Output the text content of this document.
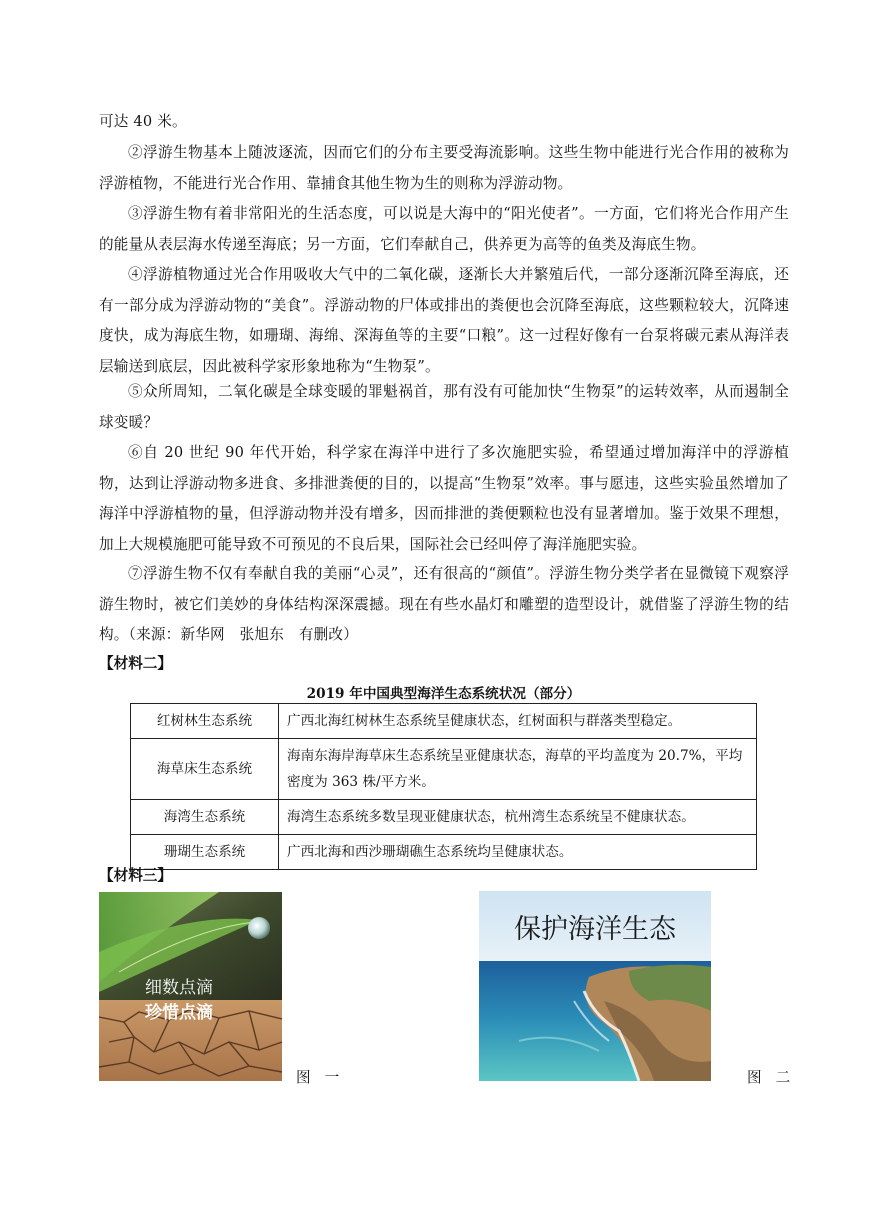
可达 40 米。

②浮游生物基本上随波逐流，因而它们的分布主要受海流影响。这些生物中能进行光合作用的被称为浮游植物，不能进行光合作用、靠捕食其他生物为生的则称为浮游动物。

③浮游生物有着非常阳光的生活态度，可以说是大海中的“阳光使者”。一方面，它们将光合作用产生的能量从表层海水传递至海底；另一方面，它们奉献自己，供养更为高等的鱼类及海底生物。

④浮游植物通过光合作用吸收大气中的二氧化碳，逐渐长大并繁殖后代，一部分逐渐沉降至海底，还有一部分成为浮游动物的“美食”。浮游动物的尸体或排出的粪便也会沉降至海底，这些颗粒较大，沉降速度快，成为海底生物，如珊瑚、海绵、深海鱼等的主要“口粮”。这一过程好像有一台泵将碳元素从海洋表层输送到底层，因此被科学家形象地称为“生物泵”。

⑤众所周知，二氧化碳是全球变暖的罪魁祸首，那有没有可能加快“生物泵”的运转效率，从而遏制全球变暖？

⑥自 20 世纪 90 年代开始，科学家在海洋中进行了多次施肥实验，希望通过增加海洋中的浮游植物，达到让浮游动物多进食、多排泄粪便的目的，以提高“生物泵”效率。事与愿违，这些实验虽然增加了海洋中浮游植物的量，但浮游动物并没有增多，因而排泄的粪便颗粒也没有显著增加。鉴于效果不理想，加上大规模施肥可能导致不可预见的不良后果，国际社会已经叫停了海洋施肥实验。

⑦浮游生物不仅有奉献自我的美丽“心灵”，还有很高的“颜值”。浮游生物分类学者在显微镜下观察浮游生物时，被它们美妙的身体结构深深震撼。现在有些水晶灯和雕塑的造型设计，就借鉴了浮游生物的结构。（来源：新华网　张旭东　有删改）

【材料二】
2019 年中国典型海洋生态系统状况（部分）
红树林生态系统	广西北海红树林生态系统呈健康状态，红树面积与群落类型稳定。
海草床生态系统	海南东海岸海草床生态系统呈亚健康状态，海草的平均盖度为 20.7%，平均密度为 363 株/平方米。
海湾生态系统	海湾生态系统多数呈现亚健康状态，杭州湾生态系统呈不健康状态。
珊瑚生态系统	广西北海和西沙珊瑚礁生态系统均呈健康状态。
【材料三】
细数点滴
珍惜点滴
图一
保护海洋生态
图二
